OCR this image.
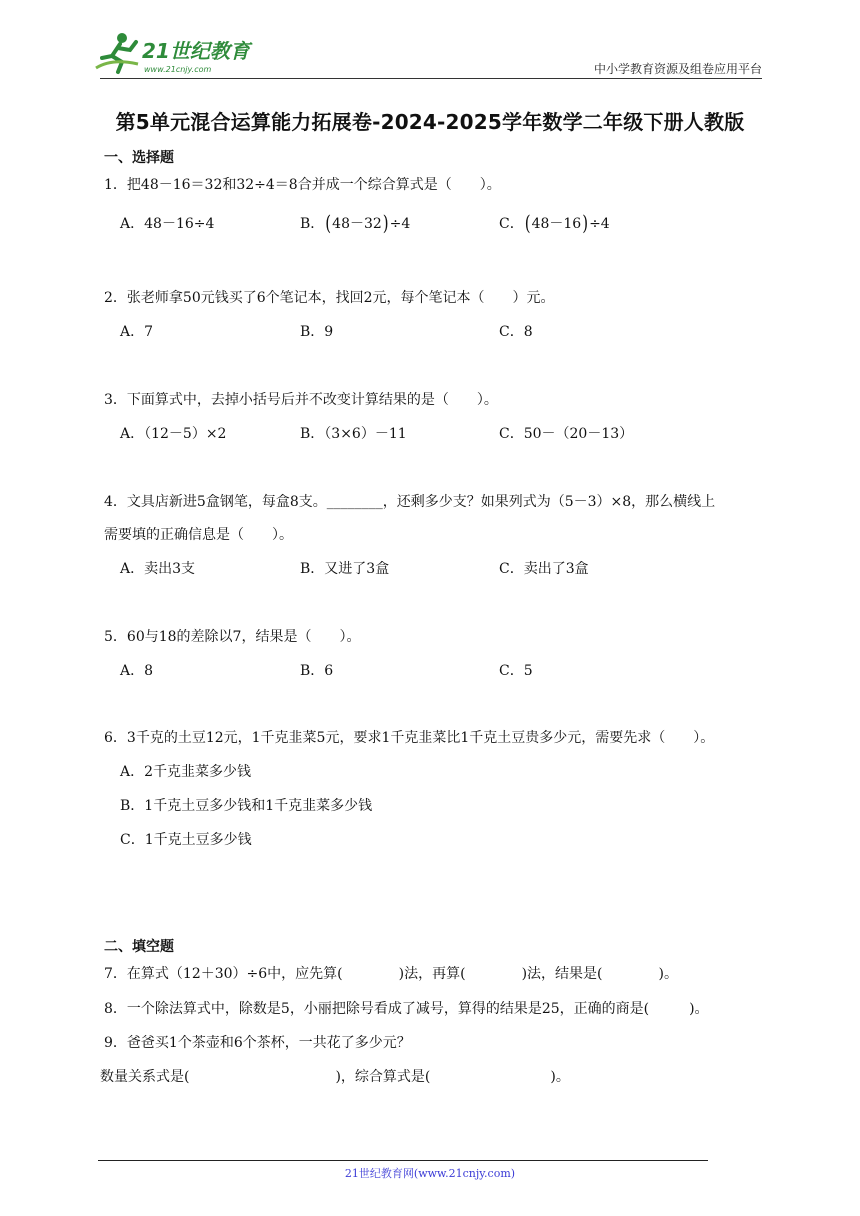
21世纪教育
www.21cnjy.com	中小学教育资源及组卷应用平台
第5单元混合运算能力拓展卷-2024-2025学年数学二年级下册人教版
一、选择题
1．把48－16＝32和32÷4＝8合并成一个综合算式是（　　）。
A．48－16÷4	B．(48－32)÷4	C．(48－16)÷4
2．张老师拿50元钱买了6个笔记本，找回2元，每个笔记本（　　）元。
A．7	B．9	C．8
3．下面算式中，去掉小括号后并不改变计算结果的是（　　）。
A．（12－5）×2	B．（3×6）－11	C．50－（20－13）
4．文具店新进5盒钢笔，每盒8支。________，还剩多少支？如果列式为（5－3）×8，那么横线上
需要填的正确信息是（　　）。
A．卖出3支	B．又进了3盒	C．卖出了3盒
5．60与18的差除以7，结果是（　　）。
A．8	B．6	C．5
6．3千克的土豆12元，1千克韭菜5元，要求1千克韭菜比1千克土豆贵多少元，需要先求（　　）。
A．2千克韭菜多少钱
B．1千克土豆多少钱和1千克韭菜多少钱
C．1千克土豆多少钱
二、填空题
7．在算式（12＋30）÷6中，应先算(	)法，再算(	)法，结果是(	)。
8．一个除法算式中，除数是5，小丽把除号看成了减号，算得的结果是25，正确的商是(	)。
9．爸爸买1个茶壶和6个茶杯，一共花了多少元？
数量关系式是(	)，综合算式是(	)。
21世纪教育网(www.21cnjy.com)
